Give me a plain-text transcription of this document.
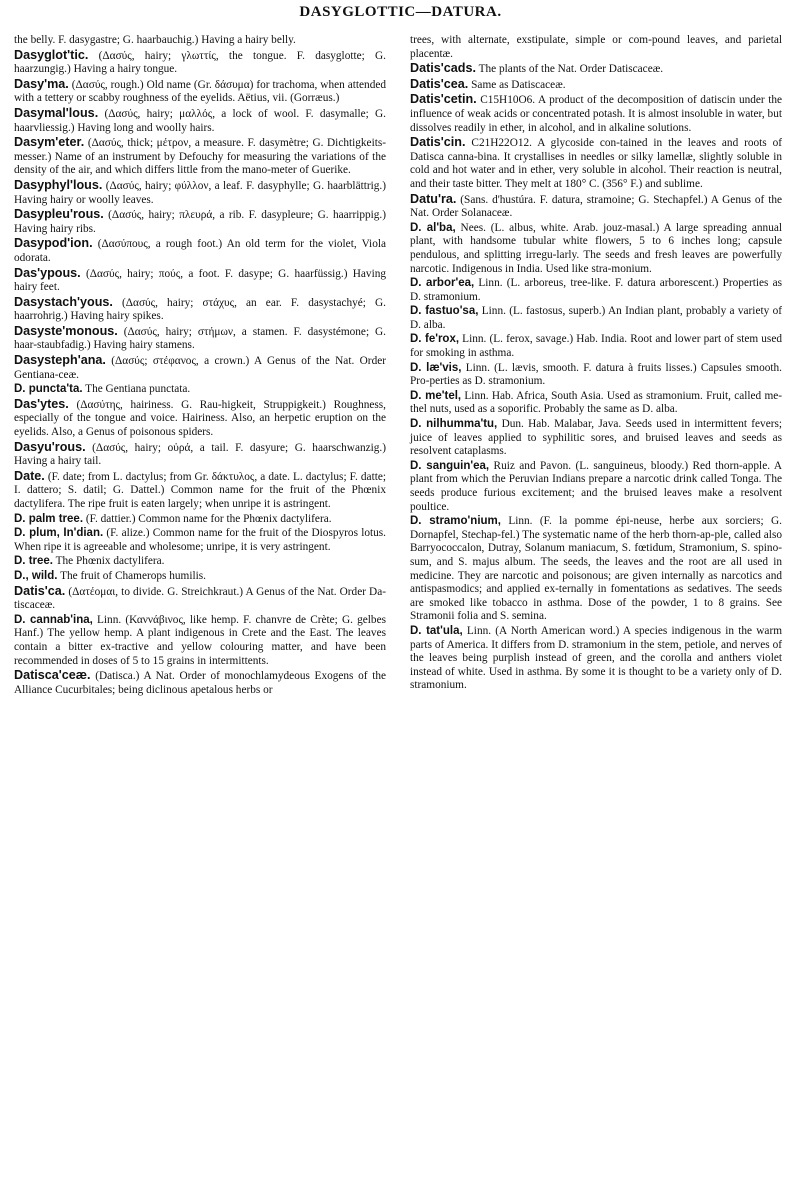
DASYGLOTTIC—DATURA.

the belly. F. dasygastre; G. haarbauchig.) Having a hairy belly.

Dasyglot'tic. (Δασύς, hairy; γλωττίς, the tongue. F. dasyglotte; G. haarzungig.) Having a hairy tongue.

Dasy'ma. (Δασύς, rough.) Old name (Gr. δάσυμα) for trachoma, when attended with a tettery or scabby roughness of the eyelids. Aëtius, vii. (Gorræus.)

Dasymal'lous. (Δασύς, hairy; μαλλός, a lock of wool. F. dasymalle; G. haarvliessig.) Having long and woolly hairs.

Dasym'eter. (Δασύς, thick; μέτρον, a measure. F. dasymètre; G. Dichtigkeits-messer.) Name of an instrument by Defouchy for measuring the variations of the density of the air, and which differs little from the mano-meter of Guerike.

Dasyphyl'lous. (Δασύς, hairy; φύλλον, a leaf. F. dasyphylle; G. haarblättrig.) Having hairy or woolly leaves.

Dasypleu'rous. (Δασύς, hairy; πλευρά, a rib. F. dasypleure; G. haarrippig.) Having hairy ribs.

Dasypod'ion. (Δασύπους, a rough foot.) An old term for the violet, Viola odorata.

Das'ypous. (Δασύς, hairy; πούς, a foot. F. dasype; G. haarfüssig.) Having hairy feet.

Dasystach'yous. (Δασύς, hairy; στάχυς, an ear. F. dasystachyé; G. haarrohrig.) Having hairy spikes.

Dasyste'monous. (Δασύς, hairy; στήμων, a stamen. F. dasystémone; G. haar-staubfadig.) Having hairy stamens.

Dasysteph'ana. (Δασύς; στέφανος, a crown.) A Genus of the Nat. Order Gentiana-ceæ.

D. puncta'ta. The Gentiana punctata.

Das'ytes. (Δασύτης, hairiness. G. Rau-higkeit, Struppigkeit.) Roughness, especially of the tongue and voice. Hairiness. Also, an herpetic eruption on the eyelids. Also, a Genus of poisonous spiders.

Dasyu'rous. (Δασύς, hairy; οὐρά, a tail. F. dasyure; G. haarschwanzig.) Having a hairy tail.

Date. (F. date; from L. dactylus; from Gr. δάκτυλος, a date. L. dactylus; F. datte; I. dattero; S. datil; G. Dattel.) Common name for the fruit of the Phœnix dactylifera. The ripe fruit is eaten largely; when unripe it is astringent.

D. palm tree. (F. dattier.) Common name for the Phœnix dactylifera.

D. plum, In'dian. (F. alize.) Common name for the fruit of the Diospyros lotus. When ripe it is agreeable and wholesome; unripe, it is very astringent.

D. tree. The Phœnix dactylifera.

D., wild. The fruit of Chamerops humilis.

Datis'ca. (Δατέομαι, to divide. G. Streichkraut.) A Genus of the Nat. Order Da-tiscaceæ.

D. cannab'ina, Linn. (Καννάβινος, like hemp. F. chanvre de Crète; G. gelbes Hanf.) The yellow hemp. A plant indigenous in Crete and the East. The leaves contain a bitter ex-tractive and yellow colouring matter, and have been recommended in doses of 5 to 15 grains in intermittents.

Datisca'ceæ. (Datisca.) A Nat. Order of monochlamydeous Exogens of the Alliance Cucurbitales; being diclinous apetalous herbs or

trees, with alternate, exstipulate, simple or com-pound leaves, and parietal placentæ.

Datis'cads. The plants of the Nat. Order Datiscaceæ.

Datis'cea. Same as Datiscaceæ.

Datis'cetin. C15H10O6. A product of the decomposition of datiscin under the influence of weak acids or concentrated potash. It is almost insoluble in water, but dissolves readily in ether, in alcohol, and in alkaline solutions.

Datis'cin. C21H22O12. A glycoside con-tained in the leaves and roots of Datisca canna-bina. It crystallises in needles or silky lamellæ, slightly soluble in cold and hot water and in ether, very soluble in alcohol. Their reaction is neutral, and their taste bitter. They melt at 180° C. (356° F.) and sublime.

Datu'ra. (Sans. d'hustúra. F. datura, stramoine; G. Stechapfel.) A Genus of the Nat. Order Solanaceæ.

D. al'ba, Nees. (L. albus, white. Arab. jouz-masal.) A large spreading annual plant, with handsome tubular white flowers, 5 to 6 inches long; capsule pendulous, and splitting irregu-larly. The seeds and fresh leaves are powerfully narcotic. Indigenous in India. Used like stra-monium.

D. arbor'ea, Linn. (L. arboreus, tree-like. F. datura arborescent.) Properties as D. stramonium.

D. fastuo'sa, Linn. (L. fastosus, superb.) An Indian plant, probably a variety of D. alba.

D. fe'rox, Linn. (L. ferox, savage.) Hab. India. Root and lower part of stem used for smoking in asthma.

D. læ'vis, Linn. (L. lævis, smooth. F. datura à fruits lisses.) Capsules smooth. Pro-perties as D. stramonium.

D. me'tel, Linn. Hab. Africa, South Asia. Used as stramonium. Fruit, called me-thel nuts, used as a soporific. Probably the same as D. alba.

D. nilhumma'tu, Dun. Hab. Malabar, Java. Seeds used in intermittent fevers; juice of leaves applied to syphilitic sores, and bruised leaves and seeds as resolvent cataplasms.

D. sanguin'ea, Ruiz and Pavon. (L. sanguineus, bloody.) Red thorn-apple. A plant from which the Peruvian Indians prepare a narcotic drink called Tonga. The seeds produce furious excitement; and the bruised leaves make a resolvent poultice.

D. stramo'nium, Linn. (F. la pomme épi-neuse, herbe aux sorciers; G. Dornapfel, Stechap-fel.) The systematic name of the herb thorn-ap-ple, called also Barryococcalon, Dutray, Solanum maniacum, S. fœtidum, Stramonium, S. spino-sum, and S. majus album. The seeds, the leaves and the root are all used in medicine. They are narcotic and poisonous; are given internally as narcotics and antispasmodics; and applied ex-ternally in fomentations as sedatives. The seeds are smoked like tobacco in asthma. Dose of the powder, 1 to 8 grains. See Stramonii folia and S. semina.

D. tat'ula, Linn. (A North American word.) A species indigenous in the warm parts of America. It differs from D. stramonium in the stem, petiole, and nerves of the leaves being purplish instead of green, and the corolla and anthers violet instead of white. Used in asthma. By some it is thought to be a variety only of D. stramonium.
